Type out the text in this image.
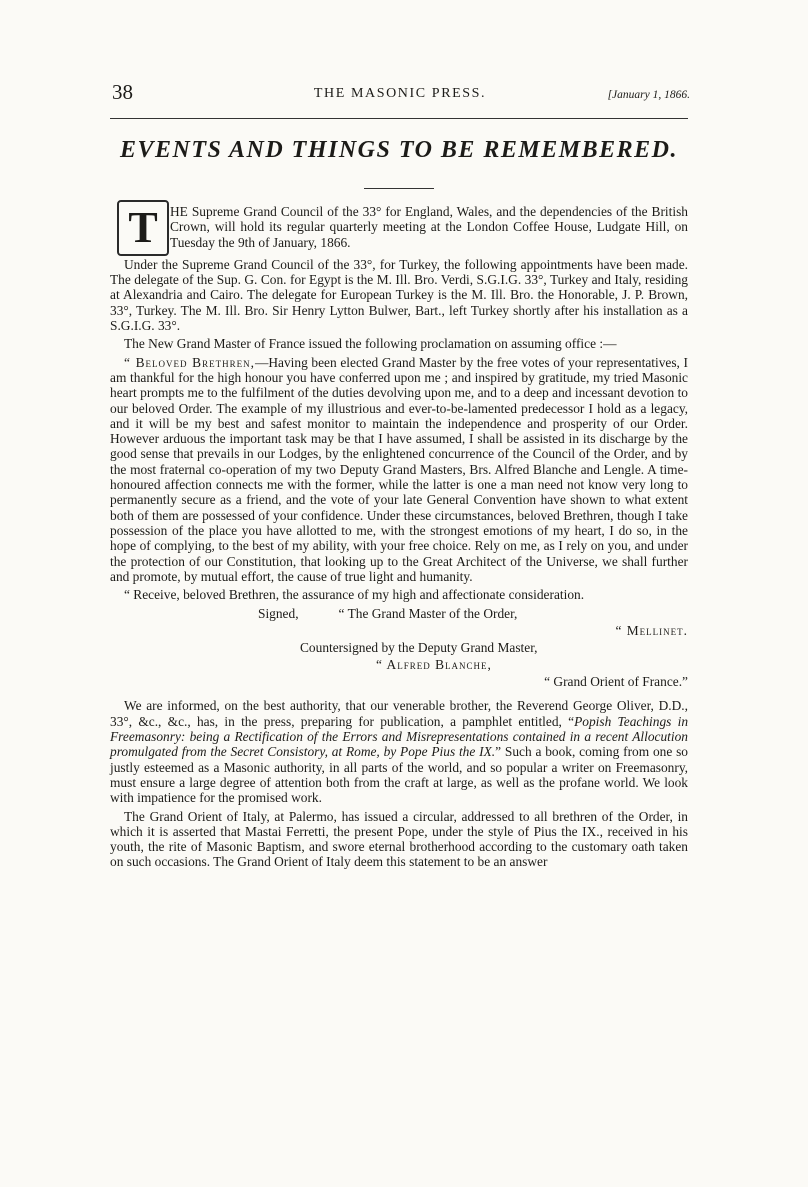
38	THE MASONIC PRESS.	[January 1, 1866.
EVENTS AND THINGS TO BE REMEMBERED.
T HE Supreme Grand Council of the 33° for England, Wales, and the dependencies of the British Crown, will hold its regular quarterly meeting at the London Coffee House, Ludgate Hill, on Tuesday the 9th of January, 1866.

Under the Supreme Grand Council of the 33°, for Turkey, the following appointments have been made. The delegate of the Sup. G. Con. for Egypt is the M. Ill. Bro. Verdi, S.G.I.G. 33°, Turkey and Italy, residing at Alexandria and Cairo. The delegate for European Turkey is the M. Ill. Bro. the Honorable, J. P. Brown, 33°, Turkey. The M. Ill. Bro. Sir Henry Lytton Bulwer, Bart., left Turkey shortly after his installation as a S.G.I.G. 33°.

The New Grand Master of France issued the following proclamation on assuming office :—

“ Beloved Brethren,—Having been elected Grand Master by the free votes of your representatives, I am thankful for the high honour you have conferred upon me ; and inspired by gratitude, my tried Masonic heart prompts me to the fulfilment of the duties devolving upon me, and to a deep and incessant devotion to our beloved Order. The example of my illustrious and ever-to-be-lamented predecessor I hold as a legacy, and it will be my best and safest monitor to maintain the independence and prosperity of our Order. However arduous the important task may be that I have assumed, I shall be assisted in its discharge by the good sense that prevails in our Lodges, by the enlightened concurrence of the Council of the Order, and by the most fraternal co-operation of my two Deputy Grand Masters, Brs. Alfred Blanche and Lengle. A time-honoured affection connects me with the former, while the latter is one a man need not know very long to permanently secure as a friend, and the vote of your late General Convention have shown to what extent both of them are possessed of your confidence. Under these circumstances, beloved Brethren, though I take possession of the place you have allotted to me, with the strongest emotions of my heart, I do so, in the hope of complying, to the best of my ability, with your free choice. Rely on me, as I rely on you, and under the protection of our Constitution, that looking up to the Great Architect of the Universe, we shall further and promote, by mutual effort, the cause of true light and humanity.

“ Receive, beloved Brethren, the assurance of my high and affectionate consideration.

Signed,	“ The Grand Master of the Order,
“ Mellinet.
Countersigned by the Deputy Grand Master,
“ Alfred Blanche,
“ Grand Orient of France.”

We are informed, on the best authority, that our venerable brother, the Reverend George Oliver, D.D., 33°, &c., &c., has, in the press, preparing for publication, a pamphlet entitled, “Popish Teachings in Freemasonry: being a Rectification of the Errors and Misrepresentations contained in a recent Allocution promulgated from the Secret Consistory, at Rome, by Pope Pius the IX.” Such a book, coming from one so justly esteemed as a Masonic authority, in all parts of the world, and so popular a writer on Freemasonry, must ensure a large degree of attention both from the craft at large, as well as the profane world. We look with impatience for the promised work.

The Grand Orient of Italy, at Palermo, has issued a circular, addressed to all brethren of the Order, in which it is asserted that Mastai Ferretti, the present Pope, under the style of Pius the IX., received in his youth, the rite of Masonic Baptism, and swore eternal brotherhood according to the customary oath taken on such occasions. The Grand Orient of Italy deem this statement to be an answer
